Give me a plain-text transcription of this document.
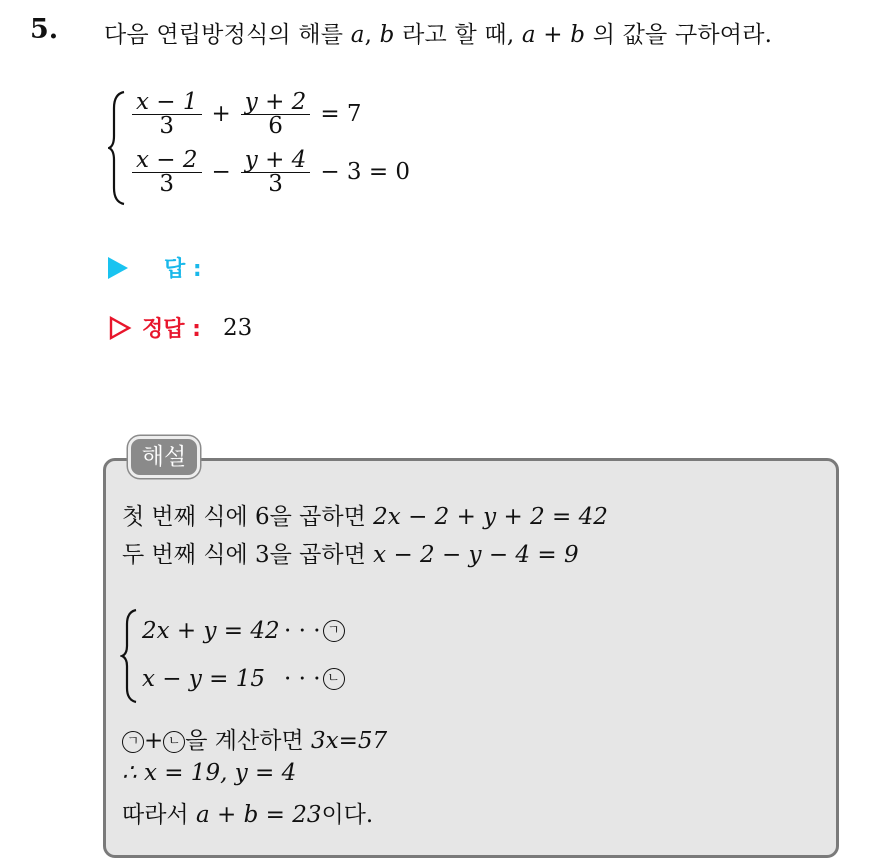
5. 다음 연립방정식의 해를 a, b 라고 할 때, a + b 의 값을 구하여라.
$\frac{x - 1}{3} + \frac{y + 2}{6} = 7$
$\frac{x - 2}{3} - \frac{y + 4}{3} - 3 = 0$
답 :
정답 : 23
해설
첫 번째 식에 6을 곱하면 2x − 2 + y + 2 = 42
두 번째 식에 3을 곱하면 x − 2 − y − 4 = 9
2x + y = 42 · · · ㄱ
x − y = 15 · · · ㄴ
ㄱ + ㄴ 을 계산하면 3x=57
∴ x = 19, y = 4
따라서 a + b = 23이다.
